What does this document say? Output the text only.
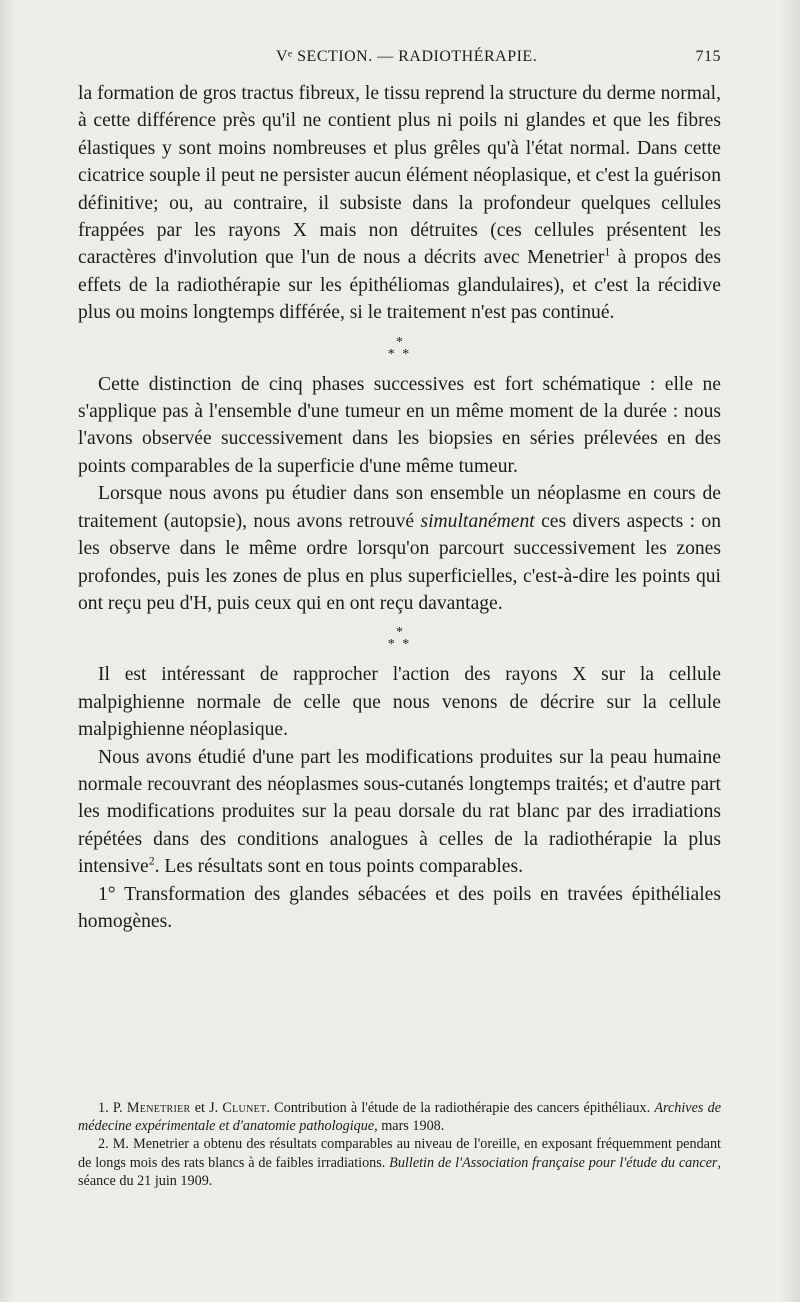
Vᵉ SECTION. — RADIOTHÉRAPIE.	715

la formation de gros tractus fibreux, le tissu reprend la structure du derme normal, à cette différence près qu'il ne contient plus ni poils ni glandes et que les fibres élastiques y sont moins nombreuses et plus grêles qu'à l'état normal. Dans cette cicatrice souple il peut ne persister aucun élément néoplasique, et c'est la guérison définitive; ou, au contraire, il subsiste dans la profondeur quelques cellules frappées par les rayons X mais non détruites (ces cellules présentent les caractères d'involution que l'un de nous a décrits avec Menetrier$^1$ à propos des effets de la radiothérapie sur les épithéliomas glandulaires), et c'est la récidive plus ou moins longtemps différée, si le traitement n'est pas continué.

*
* *

Cette distinction de cinq phases successives est fort schématique : elle ne s'applique pas à l'ensemble d'une tumeur en un même moment de la durée : nous l'avons observée successivement dans les biopsies en séries prélevées en des points comparables de la superficie d'une même tumeur.

Lorsque nous avons pu étudier dans son ensemble un néoplasme en cours de traitement (autopsie), nous avons retrouvé simultanément ces divers aspects : on les observe dans le même ordre lorsqu'on parcourt successivement les zones profondes, puis les zones de plus en plus superficielles, c'est-à-dire les points qui ont reçu peu d'H, puis ceux qui en ont reçu davantage.

*
* *

Il est intéressant de rapprocher l'action des rayons X sur la cellule malpighienne normale de celle que nous venons de décrire sur la cellule malpighienne néoplasique.

Nous avons étudié d'une part les modifications produites sur la peau humaine normale recouvrant des néoplasmes sous-cutanés longtemps traités; et d'autre part les modifications produites sur la peau dorsale du rat blanc par des irradiations répétées dans des conditions analogues à celles de la radiothérapie la plus intensive$^2$. Les résultats sont en tous points comparables.

1° Transformation des glandes sébacées et des poils en travées épithéliales homogènes.

1. P. Menetrier et J. Clunet. Contribution à l'étude de la radiothérapie des cancers épithéliaux. Archives de médecine expérimentale et d'anatomie pathologique, mars 1908.

2. M. Menetrier a obtenu des résultats comparables au niveau de l'oreille, en exposant fréquemment pendant de longs mois des rats blancs à de faibles irradiations. Bulletin de l'Association française pour l'étude du cancer, séance du 21 juin 1909.
